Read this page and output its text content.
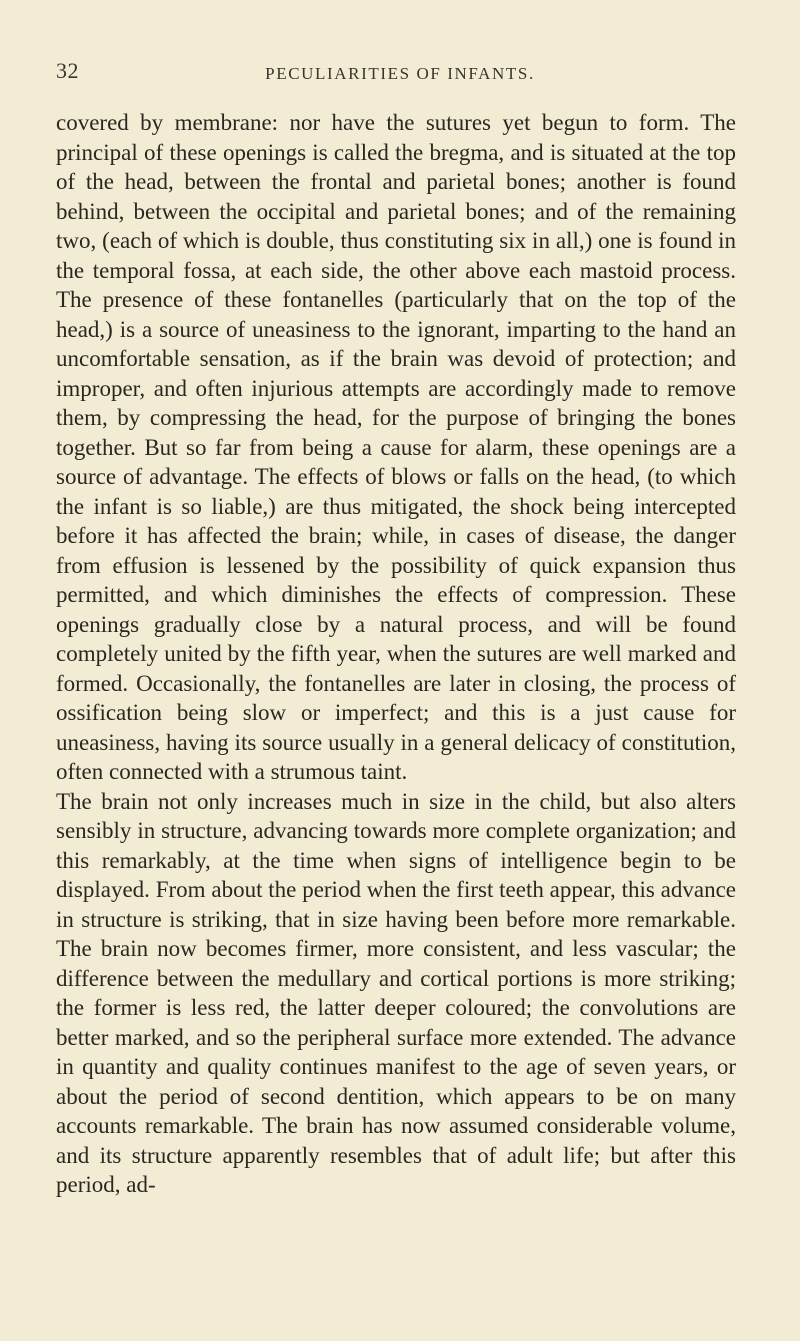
32	PECULIARITIES OF INFANTS.

covered by membrane: nor have the sutures yet begun to form. The principal of these openings is called the bregma, and is situated at the top of the head, between the frontal and parietal bones; another is found behind, between the occipital and parietal bones; and of the remaining two, (each of which is double, thus constituting six in all,) one is found in the temporal fossa, at each side, the other above each mastoid process. The presence of these fontanelles (particularly that on the top of the head,) is a source of uneasiness to the ignorant, imparting to the hand an uncomfortable sensation, as if the brain was devoid of protection; and improper, and often injurious attempts are accordingly made to remove them, by compressing the head, for the purpose of bringing the bones together. But so far from being a cause for alarm, these openings are a source of advantage. The effects of blows or falls on the head, (to which the infant is so liable,) are thus mitigated, the shock being intercepted before it has affected the brain; while, in cases of disease, the danger from effusion is lessened by the possibility of quick expansion thus permitted, and which diminishes the effects of compression. These openings gradually close by a natural process, and will be found completely united by the fifth year, when the sutures are well marked and formed. Occasionally, the fontanelles are later in closing, the process of ossification being slow or imperfect; and this is a just cause for uneasiness, having its source usually in a general delicacy of constitution, often connected with a strumous taint.

The brain not only increases much in size in the child, but also alters sensibly in structure, advancing towards more complete organization; and this remarkably, at the time when signs of intelligence begin to be displayed. From about the period when the first teeth appear, this advance in structure is striking, that in size having been before more remarkable. The brain now becomes firmer, more consistent, and less vascular; the difference between the medullary and cortical portions is more striking; the former is less red, the latter deeper coloured; the convolutions are better marked, and so the peripheral surface more extended. The advance in quantity and quality continues manifest to the age of seven years, or about the period of second dentition, which appears to be on many accounts remarkable. The brain has now assumed considerable volume, and its structure apparently resembles that of adult life; but after this period, ad-
